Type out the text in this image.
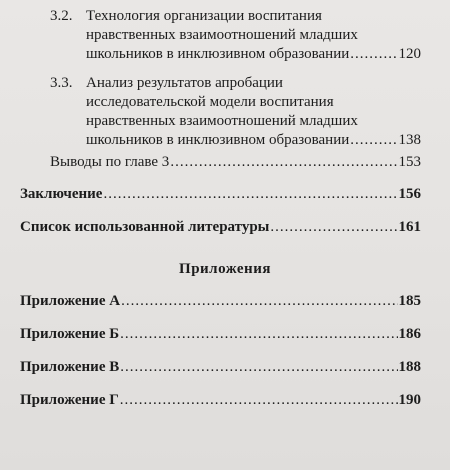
3.2. Технология организации воспитания
нравственных взаимоотношений младших
школьников в инклюзивном образовании .....	120
3.3. Анализ результатов апробации
исследовательской модели воспитания
нравственных взаимоотношений младших
школьников в инклюзивном образовании .....	138
Выводы по главе 3 .....	153
Заключение .....	156
Список использованной литературы .....	161
Приложения
Приложение А .....	185
Приложение Б .....	186
Приложение В .....	188
Приложение Г .....	190
